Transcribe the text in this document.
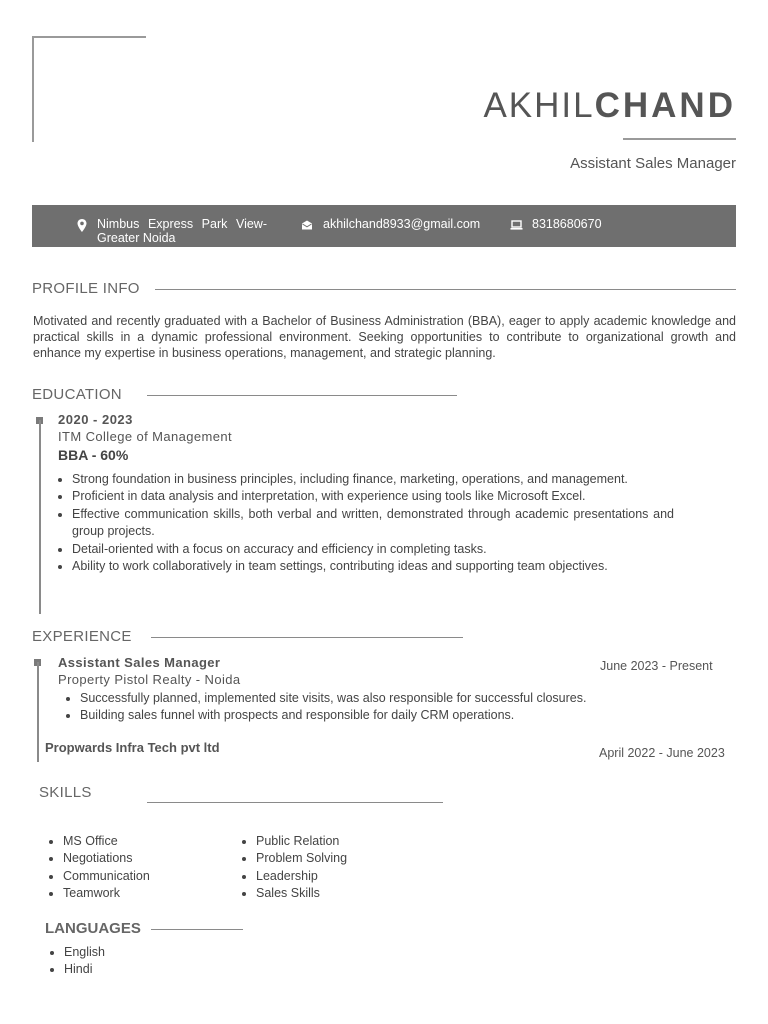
AKHILCHAND
Assistant Sales Manager
Nimbus Express Park View-Greater Noida
akhilchand8933@gmail.com	8318680670
PROFILE INFO

Motivated and recently graduated with a Bachelor of Business Administration (BBA), eager to apply academic knowledge and practical skills in a dynamic professional environment. Seeking opportunities to contribute to organizational growth and enhance my expertise in business operations, management, and strategic planning.

EDUCATION
2020 - 2023
ITM College of Management
BBA - 60%
• Strong foundation in business principles, including finance, marketing, operations, and management.
• Proficient in data analysis and interpretation, with experience using tools like Microsoft Excel.
• Effective communication skills, both verbal and written, demonstrated through academic presentations and group projects.
• Detail-oriented with a focus on accuracy and efficiency in completing tasks.
• Ability to work collaboratively in team settings, contributing ideas and supporting team objectives.
EXPERIENCE
Assistant Sales Manager
Property Pistol Realty - Noida
June 2023 - Present
• Successfully planned, implemented site visits, was also responsible for successful closures.
• Building sales funnel with prospects and responsible for daily CRM operations.
Propwards Infra Tech pvt ltd	April 2022 - June 2023
SKILLS
• MS Office
• Negotiations
• Communication
• Teamwork
• Public Relation
• Problem Solving
• Leadership
• Sales Skills
LANGUAGES
• English
• Hindi
